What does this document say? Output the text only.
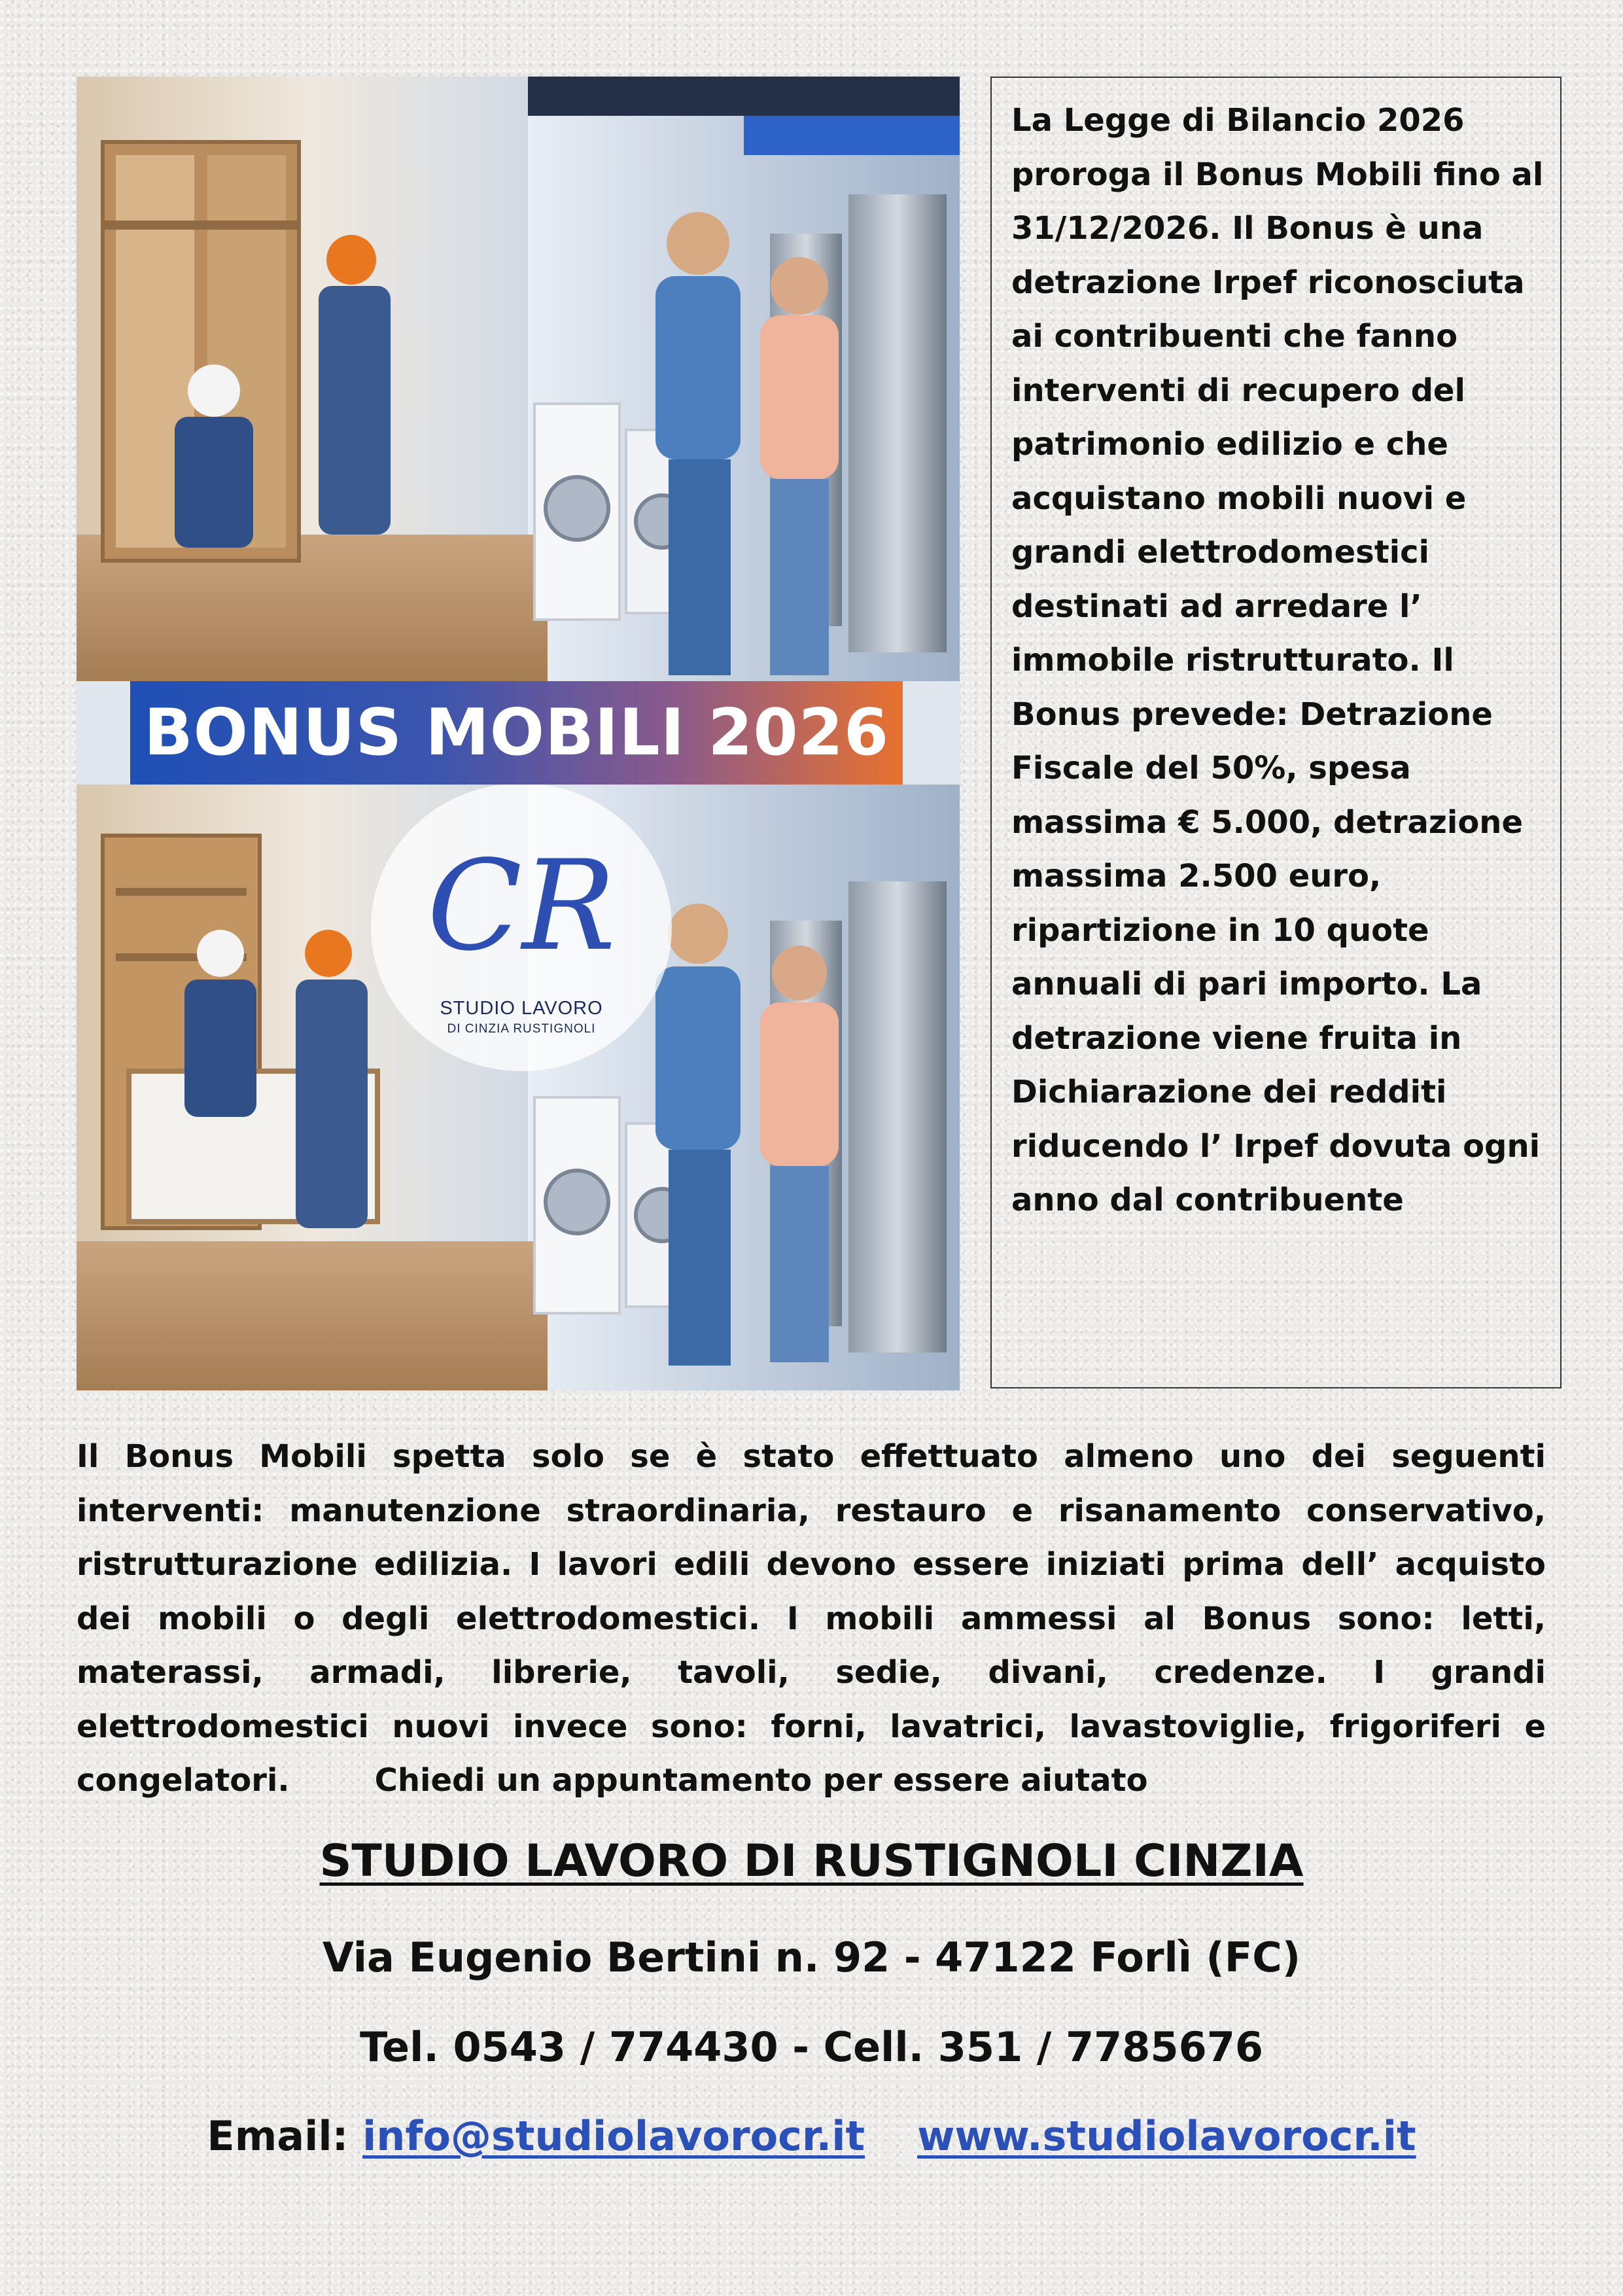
BONUS MOBILI 2026
CR
STUDIO LAVORO
DI CINZIA RUSTIGNOLI
La Legge di Bilancio 2026 proroga il Bonus Mobili fino al 31/12/2026. Il Bonus è una detrazione Irpef riconosciuta ai contribuenti che fanno interventi di recupero del patrimonio edilizio e che acquistano mobili nuovi e grandi elettrodomestici destinati ad arredare l’ immobile ristrutturato. Il Bonus prevede: Detrazione Fiscale del 50%, spesa massima € 5.000, detrazione massima 2.500 euro, ripartizione in 10 quote annuali di pari importo. La detrazione viene fruita in Dichiarazione dei redditi riducendo l’ Irpef dovuta ogni anno dal contribuente
Il Bonus Mobili spetta solo se è stato effettuato almeno uno dei seguenti interventi: manutenzione straordinaria, restauro e risanamento conservativo, ristrutturazione edilizia. I lavori edili devono essere iniziati prima dell’ acquisto dei mobili o degli elettrodomestici. I mobili ammessi al Bonus sono: letti, materassi, armadi, librerie, tavoli, sedie, divani, credenze. I grandi elettrodomestici nuovi invece sono: forni, lavatrici, lavastoviglie, frigoriferi e congelatori.	Chiedi un appuntamento per essere aiutato
STUDIO LAVORO DI RUSTIGNOLI CINZIA
Via Eugenio Bertini n. 92 - 47122 Forlì (FC)
Tel. 0543 / 774430 - Cell. 351 / 7785676
Email: info@studiolavorocr.it www.studiolavorocr.it
